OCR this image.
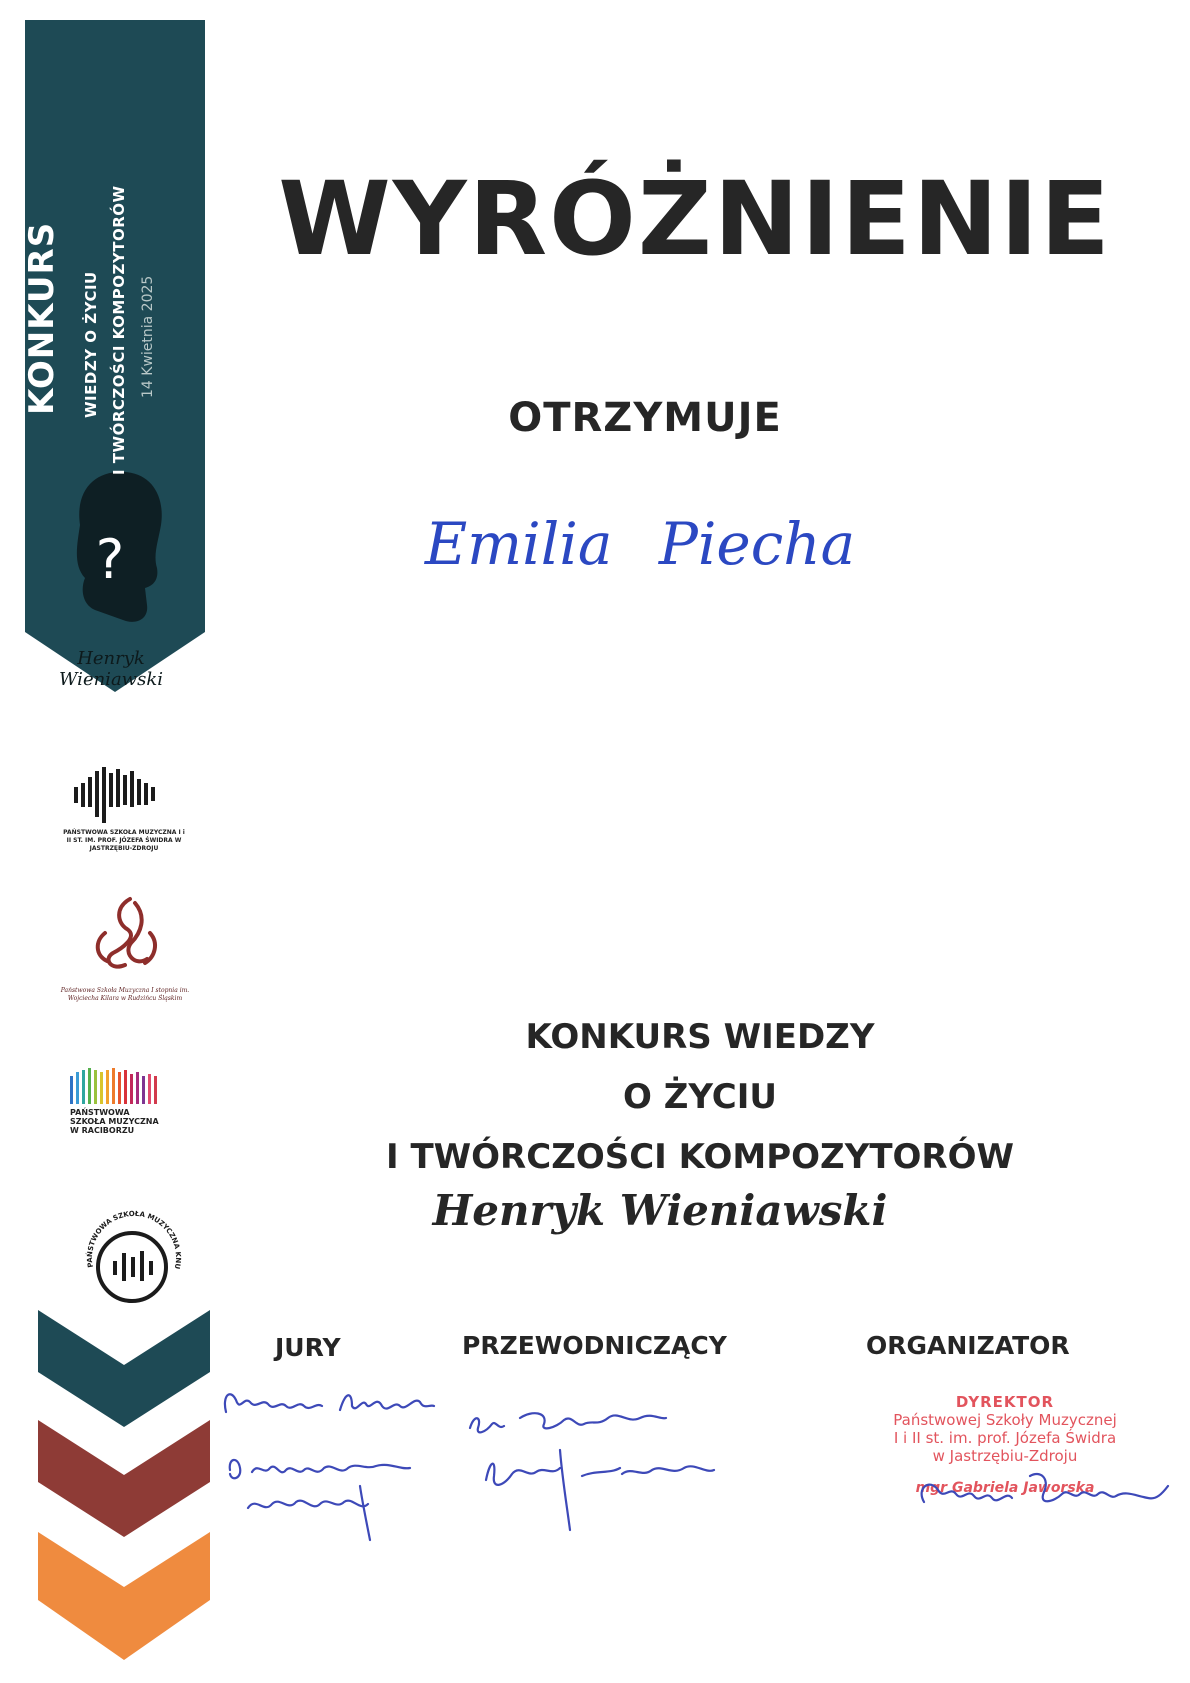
KONKURS WIEDZY O ŻYCIU I TWÓRCZOŚCI KOMPOZYTORÓW 14 Kwietnia 2025
?
Henryk Wieniawski
PAŃSTWOWA SZKOŁA MUZYCZNA I i II ST. IM. PROF. JÓZEFA ŚWIDRA W JASTRZĘBIU-ZDROJU
Państwowa Szkoła Muzyczna I stopnia im. Wojciecha Kilara w Rudzińcu Śląskim
PAŃSTWOWA
SZKOŁA MUZYCZNA
W RACIBORZU
PAŃSTWOWA SZKOŁA MUZYCZNA KNU
WYRÓŻNIENIE
OTRZYMUJE
Emilia Piecha
KONKURS WIEDZY
O ŻYCIU
I TWÓRCZOŚCI KOMPOZYTORÓW
Henryk Wieniawski
JURY	PRZEWODNICZĄCY	ORGANIZATOR
DYREKTOR
Państwowej Szkoły Muzycznej
I i II st. im. prof. Józefa Świdra
w Jastrzębiu-Zdroju
mgr Gabriela Jaworska
